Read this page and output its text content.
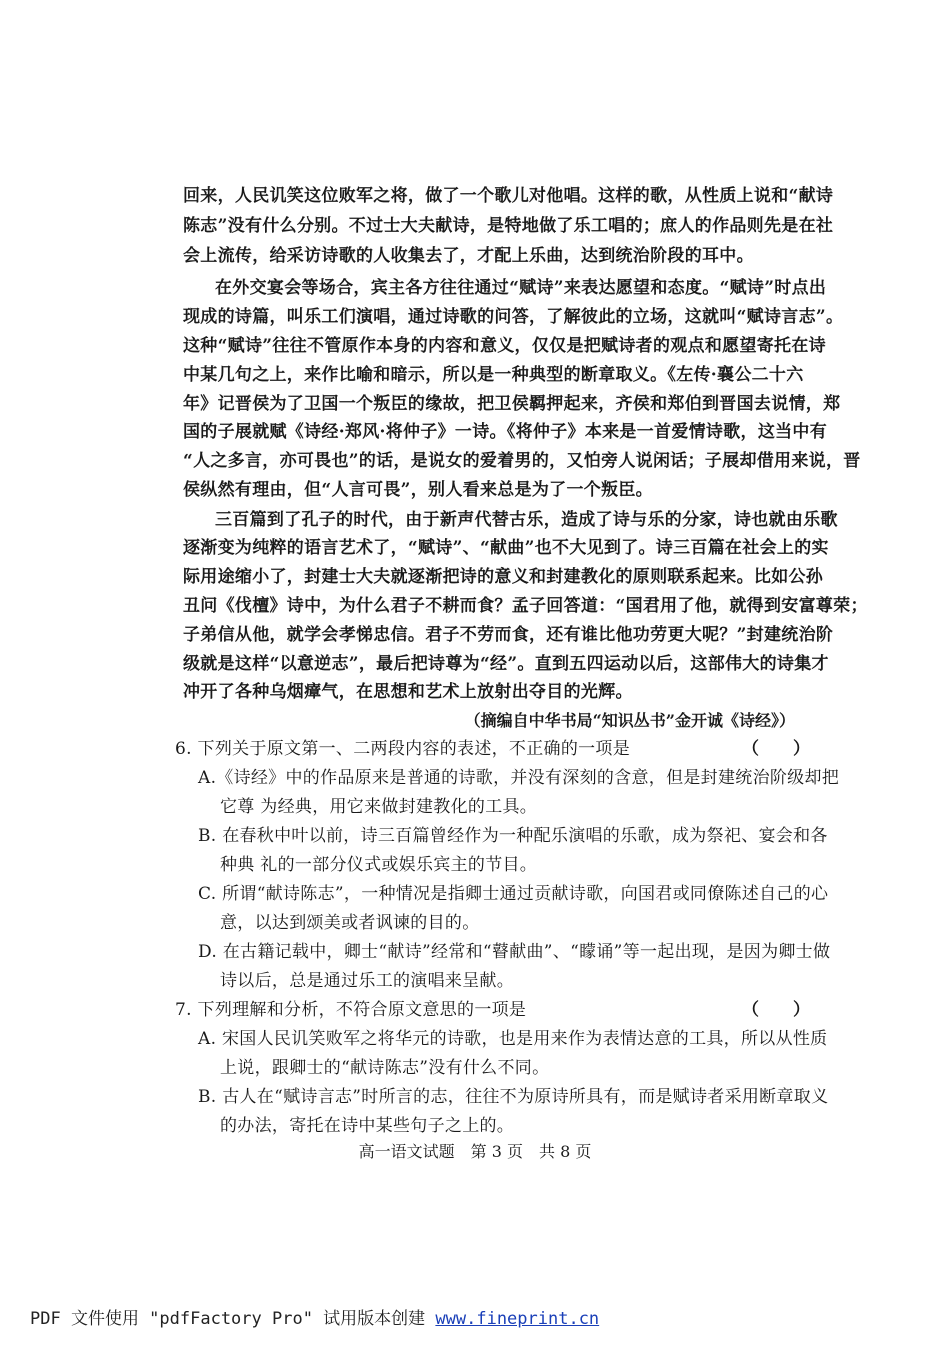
回来，人民讥笑这位败军之将，做了一个歌儿对他唱。这样的歌，从性质上说和“献诗
陈志”没有什么分别。不过士大夫献诗，是特地做了乐工唱的；庶人的作品则先是在社
会上流传，给采访诗歌的人收集去了，才配上乐曲，达到统治阶段的耳中。
在外交宴会等场合，宾主各方往往通过“赋诗”来表达愿望和态度。“赋诗”时点出
现成的诗篇，叫乐工们演唱，通过诗歌的问答，了解彼此的立场，这就叫“赋诗言志”。
这种“赋诗”往往不管原作本身的内容和意义，仅仅是把赋诗者的观点和愿望寄托在诗
中某几句之上，来作比喻和暗示，所以是一种典型的断章取义。《左传·襄公二十六
年》记晋侯为了卫国一个叛臣的缘故，把卫侯羁押起来，齐侯和郑伯到晋国去说情，郑
国的子展就赋《诗经·郑风·将仲子》一诗。《将仲子》本来是一首爱情诗歌，这当中有
“人之多言，亦可畏也”的话，是说女的爱着男的，又怕旁人说闲话；子展却借用来说，晋
侯纵然有理由，但“人言可畏”，别人看来总是为了一个叛臣。
三百篇到了孔子的时代，由于新声代替古乐，造成了诗与乐的分家，诗也就由乐歌
逐渐变为纯粹的语言艺术了，“赋诗”、“献曲”也不大见到了。诗三百篇在社会上的实
际用途缩小了，封建士大夫就逐渐把诗的意义和封建教化的原则联系起来。比如公孙
丑问《伐檀》诗中，为什么君子不耕而食？孟子回答道：“国君用了他，就得到安富尊荣；
子弟信从他，就学会孝悌忠信。君子不劳而食，还有谁比他功劳更大呢？”封建统治阶
级就是这样“以意逆志”，最后把诗尊为“经”。直到五四运动以后，这部伟大的诗集才
冲开了各种乌烟瘴气，在思想和艺术上放射出夺目的光辉。
（摘编自中华书局“知识丛书”金开诚《诗经》）
6. 下列关于原文第一、二两段内容的表述，不正确的一项是	（　　）
A.《诗经》中的作品原来是普通的诗歌，并没有深刻的含意，但是封建统治阶级却把
它尊 为经典，用它来做封建教化的工具。
B. 在春秋中叶以前，诗三百篇曾经作为一种配乐演唱的乐歌，成为祭祀、宴会和各
种典 礼的一部分仪式或娱乐宾主的节目。
C. 所谓“献诗陈志”，一种情况是指卿士通过贡献诗歌，向国君或同僚陈述自己的心
意，以达到颂美或者讽谏的目的。
D. 在古籍记载中，卿士“献诗”经常和“瞽献曲”、“矇诵”等一起出现，是因为卿士做
诗以后，总是通过乐工的演唱来呈献。
7. 下列理解和分析，不符合原文意思的一项是	（　　）
A. 宋国人民讥笑败军之将华元的诗歌，也是用来作为表情达意的工具，所以从性质
上说，跟卿士的“献诗陈志”没有什么不同。
B. 古人在“赋诗言志”时所言的志，往往不为原诗所具有，而是赋诗者采用断章取义
的办法，寄托在诗中某些句子之上的。
高一语文试题　第 3 页　共 8 页
PDF 文件使用 "pdfFactory Pro" 试用版本创建 www.fineprint.cn
